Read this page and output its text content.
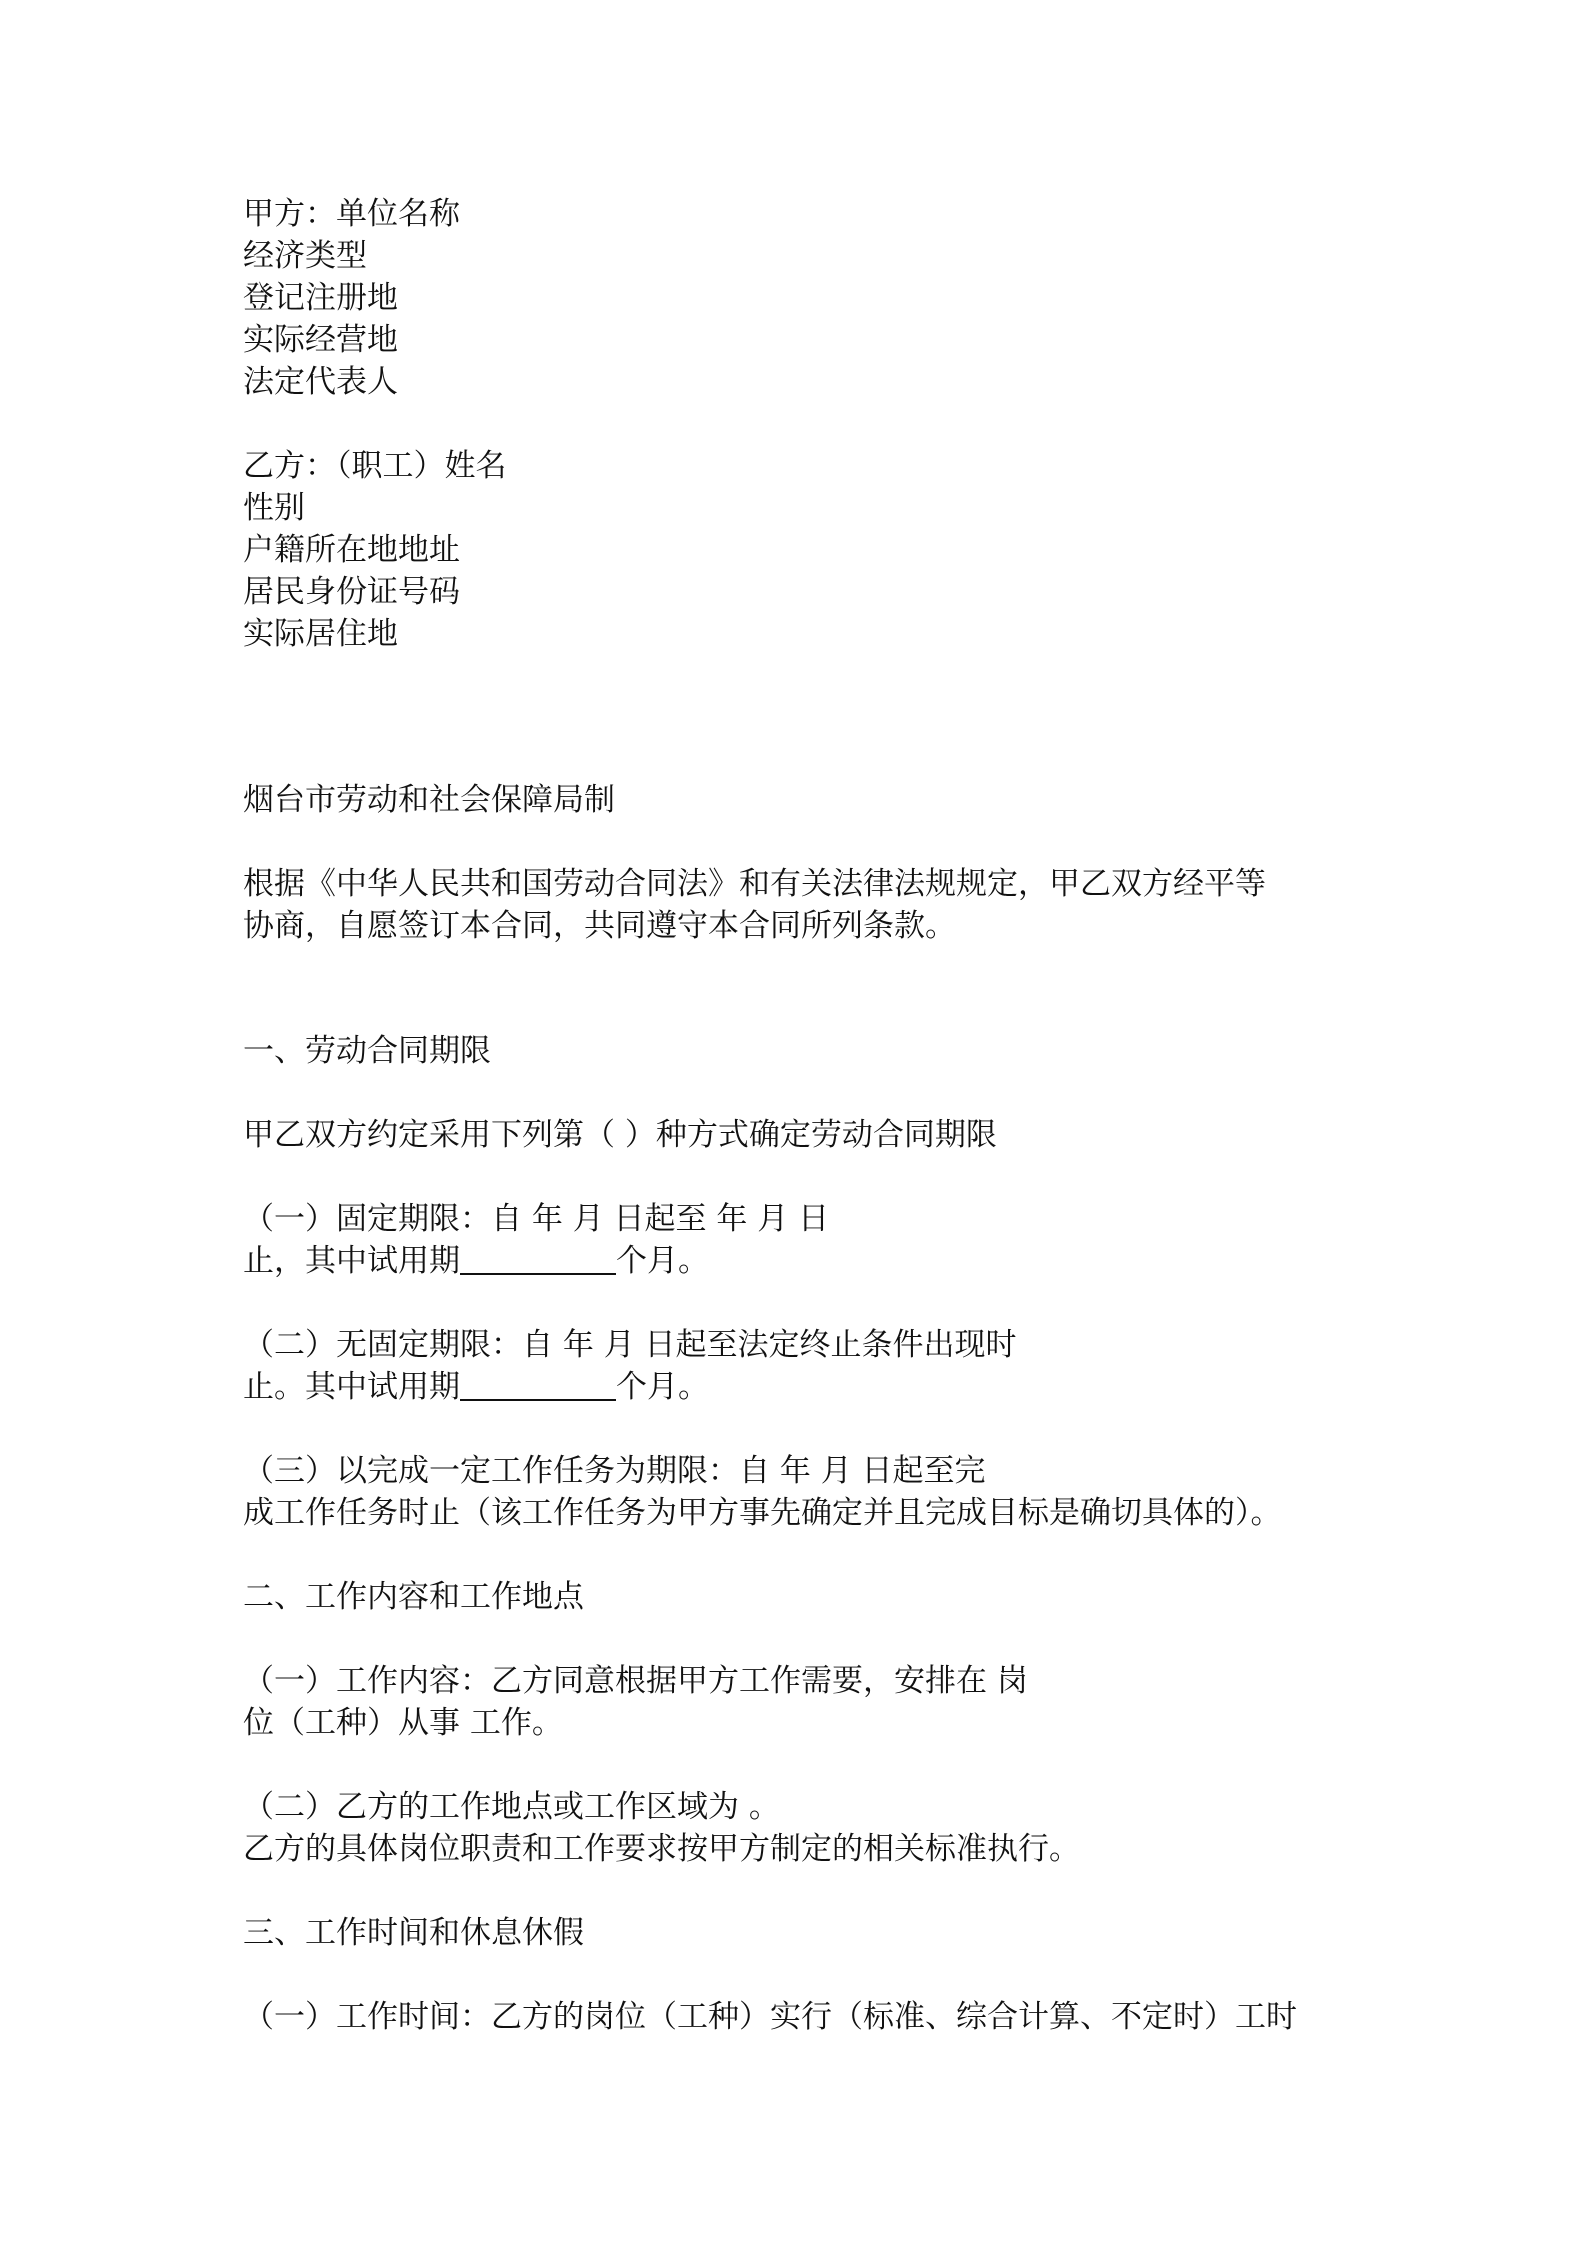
甲方：单位名称

经济类型

登记注册地

实际经营地

法定代表人

乙方：（职工）姓名

性别

户籍所在地地址

居民身份证号码

实际居住地

烟台市劳动和社会保障局制

根据《中华人民共和国劳动合同法》和有关法律法规规定，甲乙双方经平等

协商，自愿签订本合同，共同遵守本合同所列条款。

一、劳动合同期限

甲乙双方约定采用下列第（ ）种方式确定劳动合同期限

（一）固定期限：自 年 月 日起至 年 月 日

止，其中试用期	个月。

（二）无固定期限：自 年 月 日起至法定终止条件出现时

止。其中试用期	个月。

（三）以完成一定工作任务为期限：自 年 月 日起至完

成工作任务时止（该工作任务为甲方事先确定并且完成目标是确切具体的）。

二、工作内容和工作地点

（一）工作内容：乙方同意根据甲方工作需要，安排在 岗

位（工种）从事 工作。

（二）乙方的工作地点或工作区域为 。

乙方的具体岗位职责和工作要求按甲方制定的相关标准执行。

三、工作时间和休息休假

（一）工作时间：乙方的岗位（工种）实行（标准、综合计算、不定时）工时
